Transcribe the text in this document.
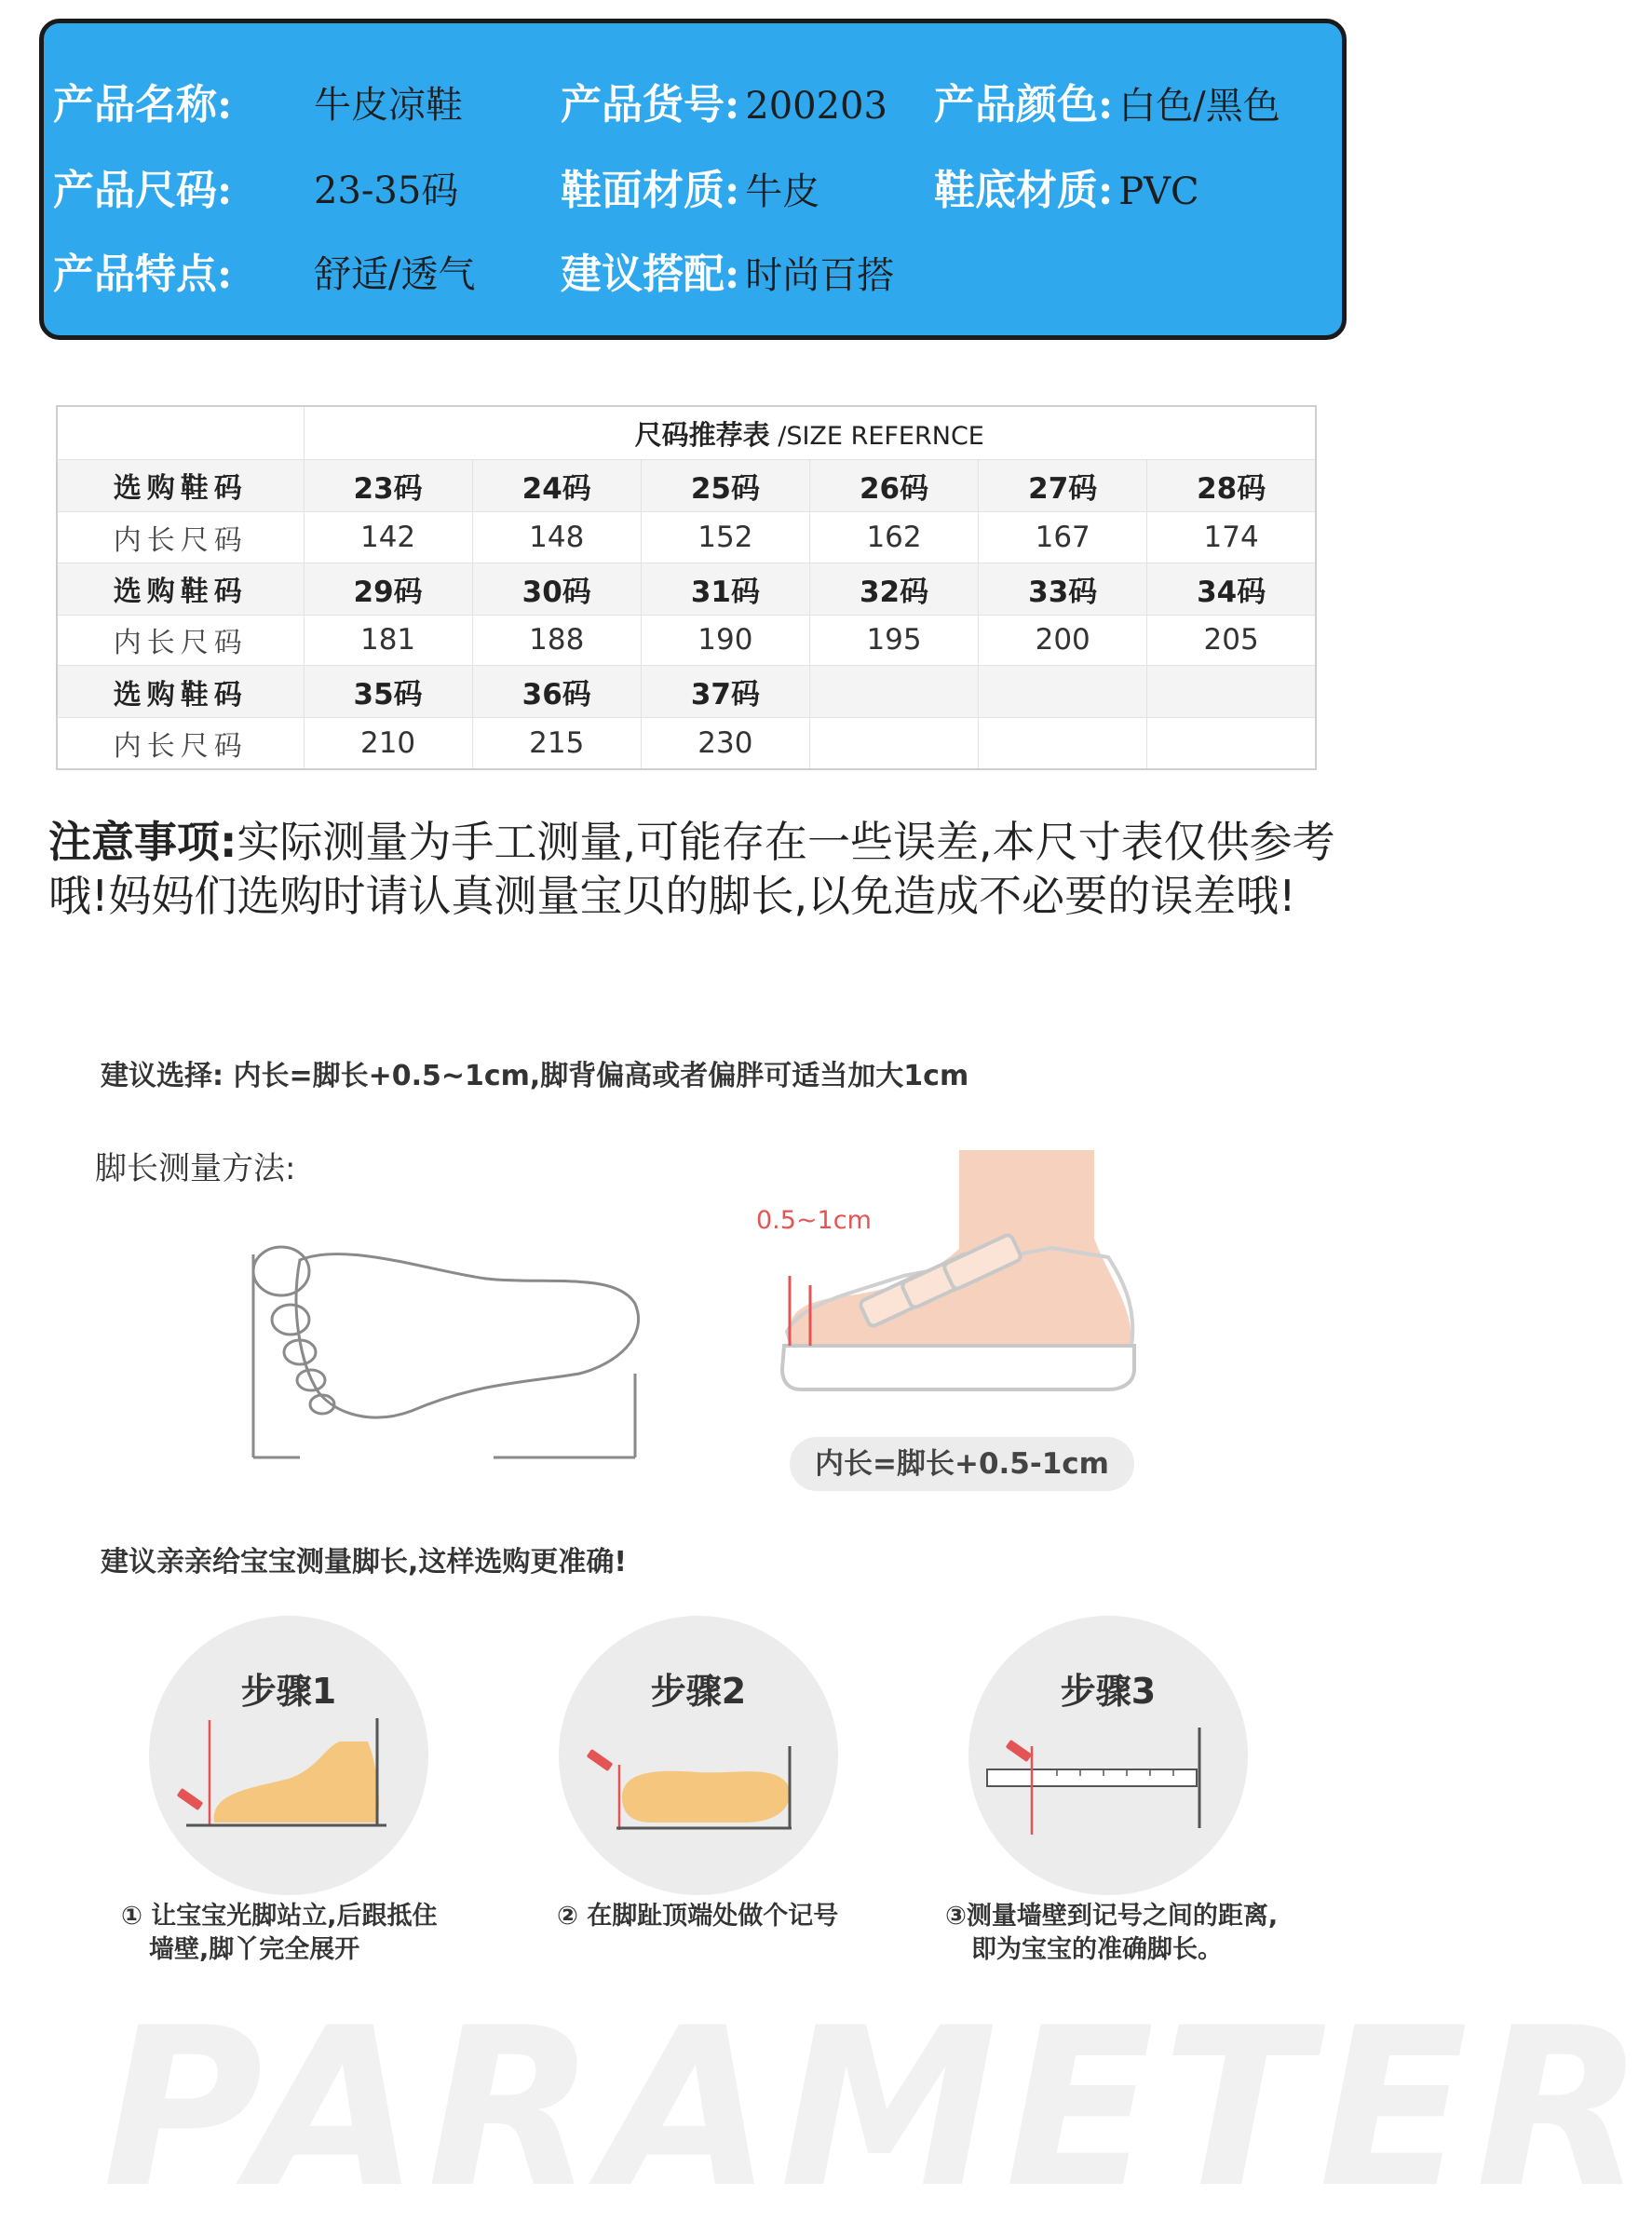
产品名称: 牛皮凉鞋 产品货号: 200203 产品颜色: 白色/黑色
产品尺码: 23-35码 鞋面材质: 牛皮	鞋底材质: PVC
产品特点: 舒适/透气 建议搭配: 时尚百搭
	尺码推荐表 /SIZE REFERNCE					
选购鞋码	23码	24码	25码	26码	27码	28码
内长尺码	142	148	152	162	167	174
选购鞋码	29码	30码	31码	32码	33码	34码
内长尺码	181	188	190	195	200	205
选购鞋码	35码	36码	37码			
内长尺码	210	215	230			
注意事项:实际测量为手工测量,可能存在一些误差,本尺寸表仅供参考哦!妈妈们选购时请认真测量宝贝的脚长,以免造成不必要的误差哦!
建议选择: 内长=脚长+0.5~1cm,脚背偏高或者偏胖可适当加大1cm
脚长测量方法:
0.5~1cm
内长=脚长+0.5-1cm
建议亲亲给宝宝测量脚长,这样选购更准确!
步骤1	步骤2	步骤3
① 让宝宝光脚站立,后跟抵住
墙壁,脚丫完全展开
② 在脚趾顶端处做个记号	③测量墙壁到记号之间的距离,
即为宝宝的准确脚长。
PARAMETER
